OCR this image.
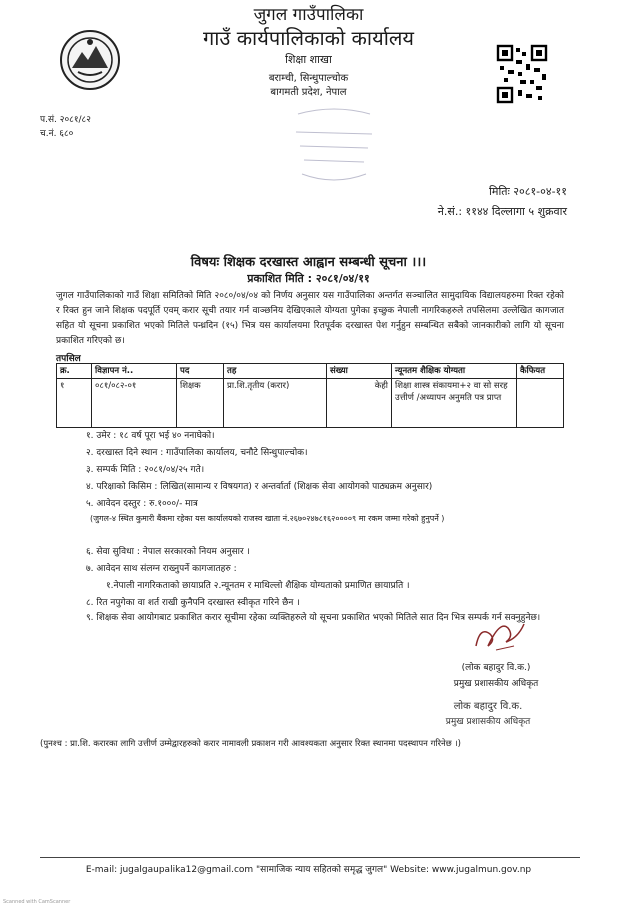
जुगल गाउँपालिका
गाउँ कार्यपालिकाको कार्यालय
शिक्षा शाखा
बराम्ची, सिन्धुपाल्चोक
बागमती प्रदेश, नेपाल
प.सं. २०८१/८२
च.नं. ६८०
मितिः २०८१-०४-११
ने.सं.: ११४४ दिल्लागा ५ शुक्रवार
विषयः शिक्षक दरखास्त आह्वान सम्बन्धी सूचना ।।।
प्रकाशित मिति : २०८१/०४/११
जुगल गाउँपालिकाको गाउँ शिक्षा समितिको मिति २०८०/०४/०४ को निर्णय अनुसार यस गाउँपालिका अन्तर्गत सञ्चालित सामुदायिक विद्यालयहरुमा रिक्त रहेको र रिक्त हुन जाने शिक्षक पदपूर्ति एवम् करार सूची तयार गर्न वाञ्छनिय देखिएकाले योग्यता पुगेका इच्छुक नेपाली नागरिकहरुले तपसिलमा उल्लेखित कागजात सहित यो सूचना प्रकाशित भएको मितिले पन्ध्रदिन (१५) भित्र यस कार्यालयमा रितपूर्वक दरखास्त पेश गर्नुहुन सम्बन्धित सबैको जानकारीको लागि यो सूचना प्रकाशित गरिएको छ।
तपसिल
क्र.	विज्ञापन नं..	पद	तह	संख्या	न्यूनतम शैक्षिक योग्यता	कैफियत
१	०८१/०८२-०१	शिक्षक	प्रा.शि.तृतीय (करार)	केही	शिक्षा शास्त्र संकायमा+२ वा सो सरह उत्तीर्ण /अध्यापन अनुमति पत्र प्राप्त	
१. उमेर : १८ वर्ष पूरा भई ४० ननाघेको।
२. दरखास्त दिने स्थान : गाउँपालिका कार्यालय, चनौटे सिन्धुपाल्चोक।
३. सम्पर्क मिति : २०८१/०४/२५ गते।
४. परिक्षाको किसिम : लिखित(सामान्य र विषयगत) र अन्तर्वार्ता (शिक्षक सेवा आयोगको पाठ्यक्रम अनुसार)
५. आवेदन दस्तुर : रु.१०००/- मात्र
(जुगल-४ स्थित कुमारी बैंकमा रहेका यस कार्यालयको राजस्व खाता नं.२६७०२४७८१६२००००९ मा रकम जम्मा गरेको हुनुपर्ने )
६. सेवा सुविधा : नेपाल सरकारको नियम अनुसार ।
७. आवेदन साथ संलग्न राख्नुपर्ने कागजातहरु :
१.नेपाली नागरिकताको छायाप्रति २.न्यूनतम र माथिल्लो शैक्षिक योग्यताको प्रमाणित छायाप्रति ।
८. रित नपुगेका वा शर्त राखी कुनैपनि दरखास्त स्वीकृत गरिने छैन ।
९. शिक्षक सेवा आयोगबाट प्रकाशित करार सूचीमा रहेका व्यक्तिहरुले यो सूचना प्रकाशित भएको मितिले सात दिन भित्र सम्पर्क गर्न सक्नुहुनेछ।
(लोक बहादुर वि.क.)
प्रमुख प्रशासकीय अधिकृत
लोक बहादुर वि.क.
प्रमुख प्रशासकीय अधिकृत
(पुनश्च : प्रा.शि. करारका लागि उत्तीर्ण उम्मेद्वारहरुको करार नामावली प्रकाशन गरी आवश्यकता अनुसार रिक्त स्थानमा पदस्थापन गरिनेछ ।)
E-mail: jugalgaupalika12@gmail.com "सामाजिक न्याय सहितको समृद्ध जुगल" Website: www.jugalmun.gov.np
Scanned with CamScanner
